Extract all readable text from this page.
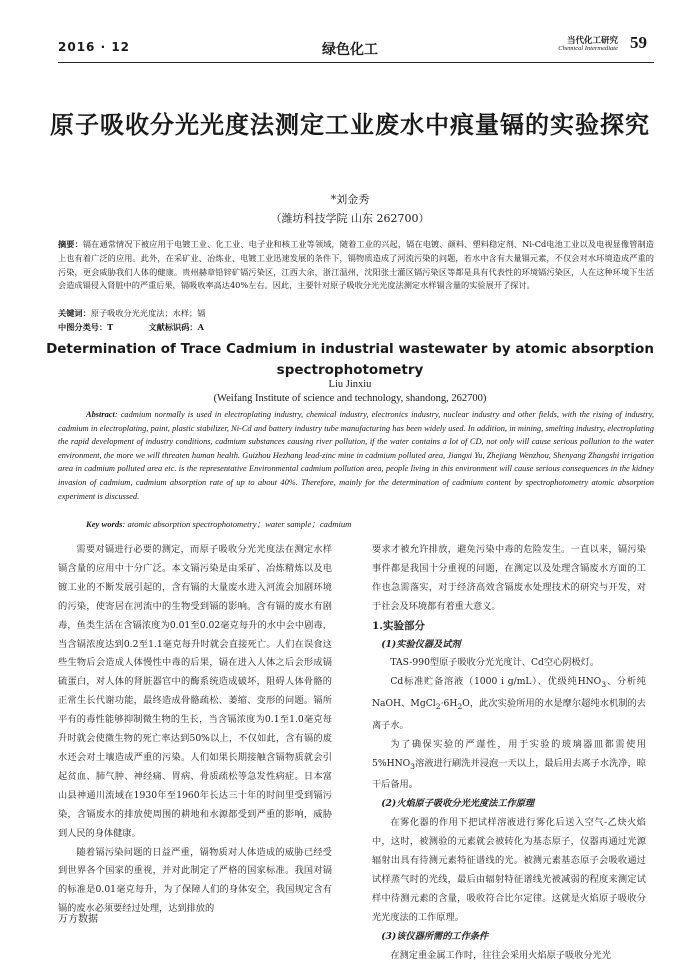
2016 · 12	绿色化工
当代化工研究
Chemical Intermediate 59
原子吸收分光光度法测定工业废水中痕量镉的实验探究
*刘金秀
（潍坊科技学院 山东 262700）
摘要：镉在通常情况下被应用于电镀工业、化工业、电子业和核工业等领域，随着工业的兴起，镉在电镀、颜料、塑料稳定剂、Ni-Cd电池工业以及电视显像管制造上也有着广泛的应用。此外，在采矿业、冶炼业、电镀工业迅速发展的条件下，镉物质造成了河流污染的问题，若水中含有大量镉元素，不仅会对水环境造成严重的污染，更会威胁我们人体的健康。贵州赫章铅锌矿镉污染区，江西大余，浙江温州，沈阳张士灌区镉污染区等都是具有代表性的环境镉污染区，人在这种环境下生活会造成镉侵入肾脏中的严重后果，镉吸收率高达40%左右。因此，主要针对原子吸收分光光度法测定水样镉含量的实验展开了探讨。
关键词：原子吸收分光光度法；水样；镉
中图分类号：T	文献标识码：A
Determination of Trace Cadmium in industrial wastewater by atomic absorption spectrophotometry
Liu Jinxiu
(Weifang Institute of science and technology, shandong, 262700)
Abstract: cadmium normally is used in electroplating industry, chemical industry, electronics industry, nuclear industry and other fields, with the rising of industry, cadmium in electroplating, paint, plastic stabilizer, Ni-Cd and battery industry tube manufacturing has been widely used. In addition, in mining, smelting industry, electroplating the rapid development of industry conditions, cadmium substances causing river pollution, if the water contains a lot of CD, not only will cause serious pollution to the water environment, the more we will threaten human health. Guizhou Hezhang lead-zinc mine in cadmium polluted area, Jiangxi Yu, Zhejiang Wenzhou, Shenyang Zhangshi irrigation area in cadmium polluted area etc. is the representative Environmental cadmium pollution area, people living in this environment will cause serious consequences in the kidney invasion of cadmium, cadmium absorption rate of up to about 40%. Therefore, mainly for the determination of cadmium content by spectrophotometry atomic absorption experiment is discussed.
Key words: atomic absorption spectrophotometry；water sample；cadmium

需要对镉进行必要的测定，而原子吸收分光光度法在测定水样镉含量的应用中十分广泛。本文镉污染是由采矿、冶炼精炼以及电镀工业的不断发展引起的，含有镉的大量废水进入河流会加剧环境的污染，使寄居在河流中的生物受到镉的影响。含有镉的废水有剧毒，鱼类生活在含镉浓度为0.01至0.02毫克每升的水中会中剧毒，当含镉浓度达到0.2至1.1毫克每升时就会直接死亡。人们在误食这些生物后会造成人体慢性中毒的后果，镉在进入人体之后会形成镉硫蛋白，对人体的肾脏器官中的酶系统造成破坏，阻碍人体骨骼的正常生长代谢功能，最终造成骨骼疏松、萎缩、变形的问题。镉所平有的毒性能够抑制微生物的生长，当含镉浓度为0.1至1.0毫克每升时就会使微生物的死亡率达到50%以上，不仅如此，含有镉的废水还会对土壤造成严重的污染。人们如果长期接触含镉物质就会引起贫血、肺气肿、神经痛、胃病、骨质疏松等急发性病症。日本富山县神通川流域在1930年至1960年长达三十年的时间里受到镉污染，含镉废水的排放使周围的耕地和水源都受到严重的影响，威胁到人民的身体健康。

随着镉污染问题的日益严重，镉物质对人体造成的威胁已经受到世界各个国家的重视，并对此制定了严格的国家标准。我国对镉的标准是0.01毫克每升，为了保障人们的身体安全，我国规定含有镉的废水必须要经过处理，达到排放的

要求才被允许排放，避免污染中毒的危险发生。一直以来，镉污染事件都是我国十分重视的问题，在测定以及处理含镉废水方面的工作也急需落实，对于经济高效含镉废水处理技术的研究与开发，对于社会及环境都有着重大意义。

1.实验部分

(1)实验仪器及试剂

TAS-990型原子吸收分光光度计、Cd空心阴极灯。

Cd标准贮备溶液（1000 i g/mL）、优级纯$HNO_3$、分析纯NaOH、$MgCl_2\cdot 6H_2O$，此次实验所用的水是摩尔超纯水机制的去离子水。

为了确保实验的严谨性，用于实验的玻璃器皿都需使用$5\%HNO_3$溶液进行刷洗并浸泡一天以上，最后用去离子水洗净，晾干后备用。

(2)火焰原子吸收分光光度法工作原理

在雾化器的作用下把试样溶液进行雾化后送入空气-乙炔火焰中，这时，被测验的元素就会被转化为基态原子，仪器再通过光源辐射出具有待测元素特征谱线的光。被测元素基态原子会吸收通过试样蒸气时的光线，最后由辐射特征谱线光被减弱的程度来测定试样中待测元素的含量，吸收符合比尔定律。这就是火焰原子吸收分光光度法的工作原理。

(3)该仪器所需的工作条件

在测定重金属工作时，往往会采用火焰原子吸收分光光

万方数据
